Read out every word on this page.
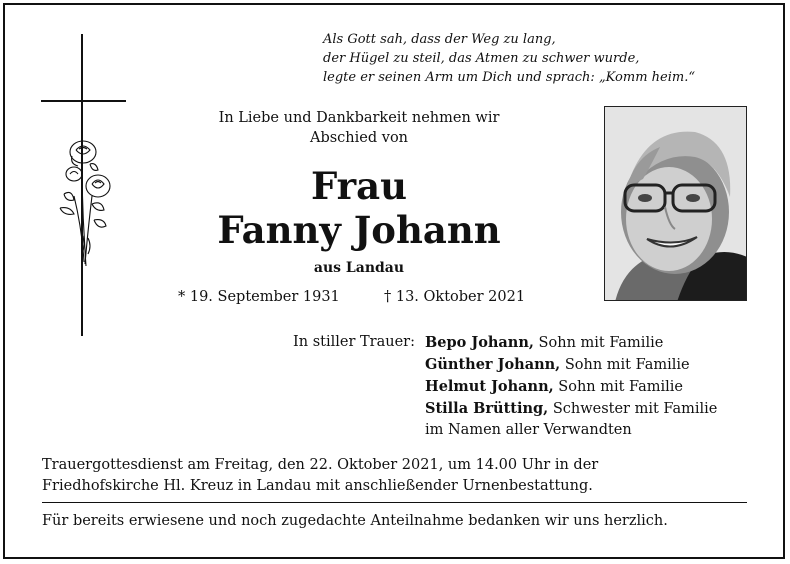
Als Gott sah, dass der Weg zu lang,
der Hügel zu steil, das Atmen zu schwer wurde,
legte er seinen Arm um Dich und sprach: „Komm heim.“
In Liebe und Dankbarkeit nehmen wir
Abschied von
Frau
Fanny Johann
aus Landau
* 19. September 1931	† 13. Oktober 2021
In stiller Trauer: Bepo Johann, Sohn mit Familie
Günther Johann, Sohn mit Familie
Helmut Johann, Sohn mit Familie
Stilla Brütting, Schwester mit Familie
im Namen aller Verwandten
Trauergottesdienst am Freitag, den 22. Oktober 2021, um 14.00 Uhr in der
Friedhofskirche Hl. Kreuz in Landau mit anschließender Urnenbestattung.
Für bereits erwiesene und noch zugedachte Anteilnahme bedanken wir uns herzlich.
